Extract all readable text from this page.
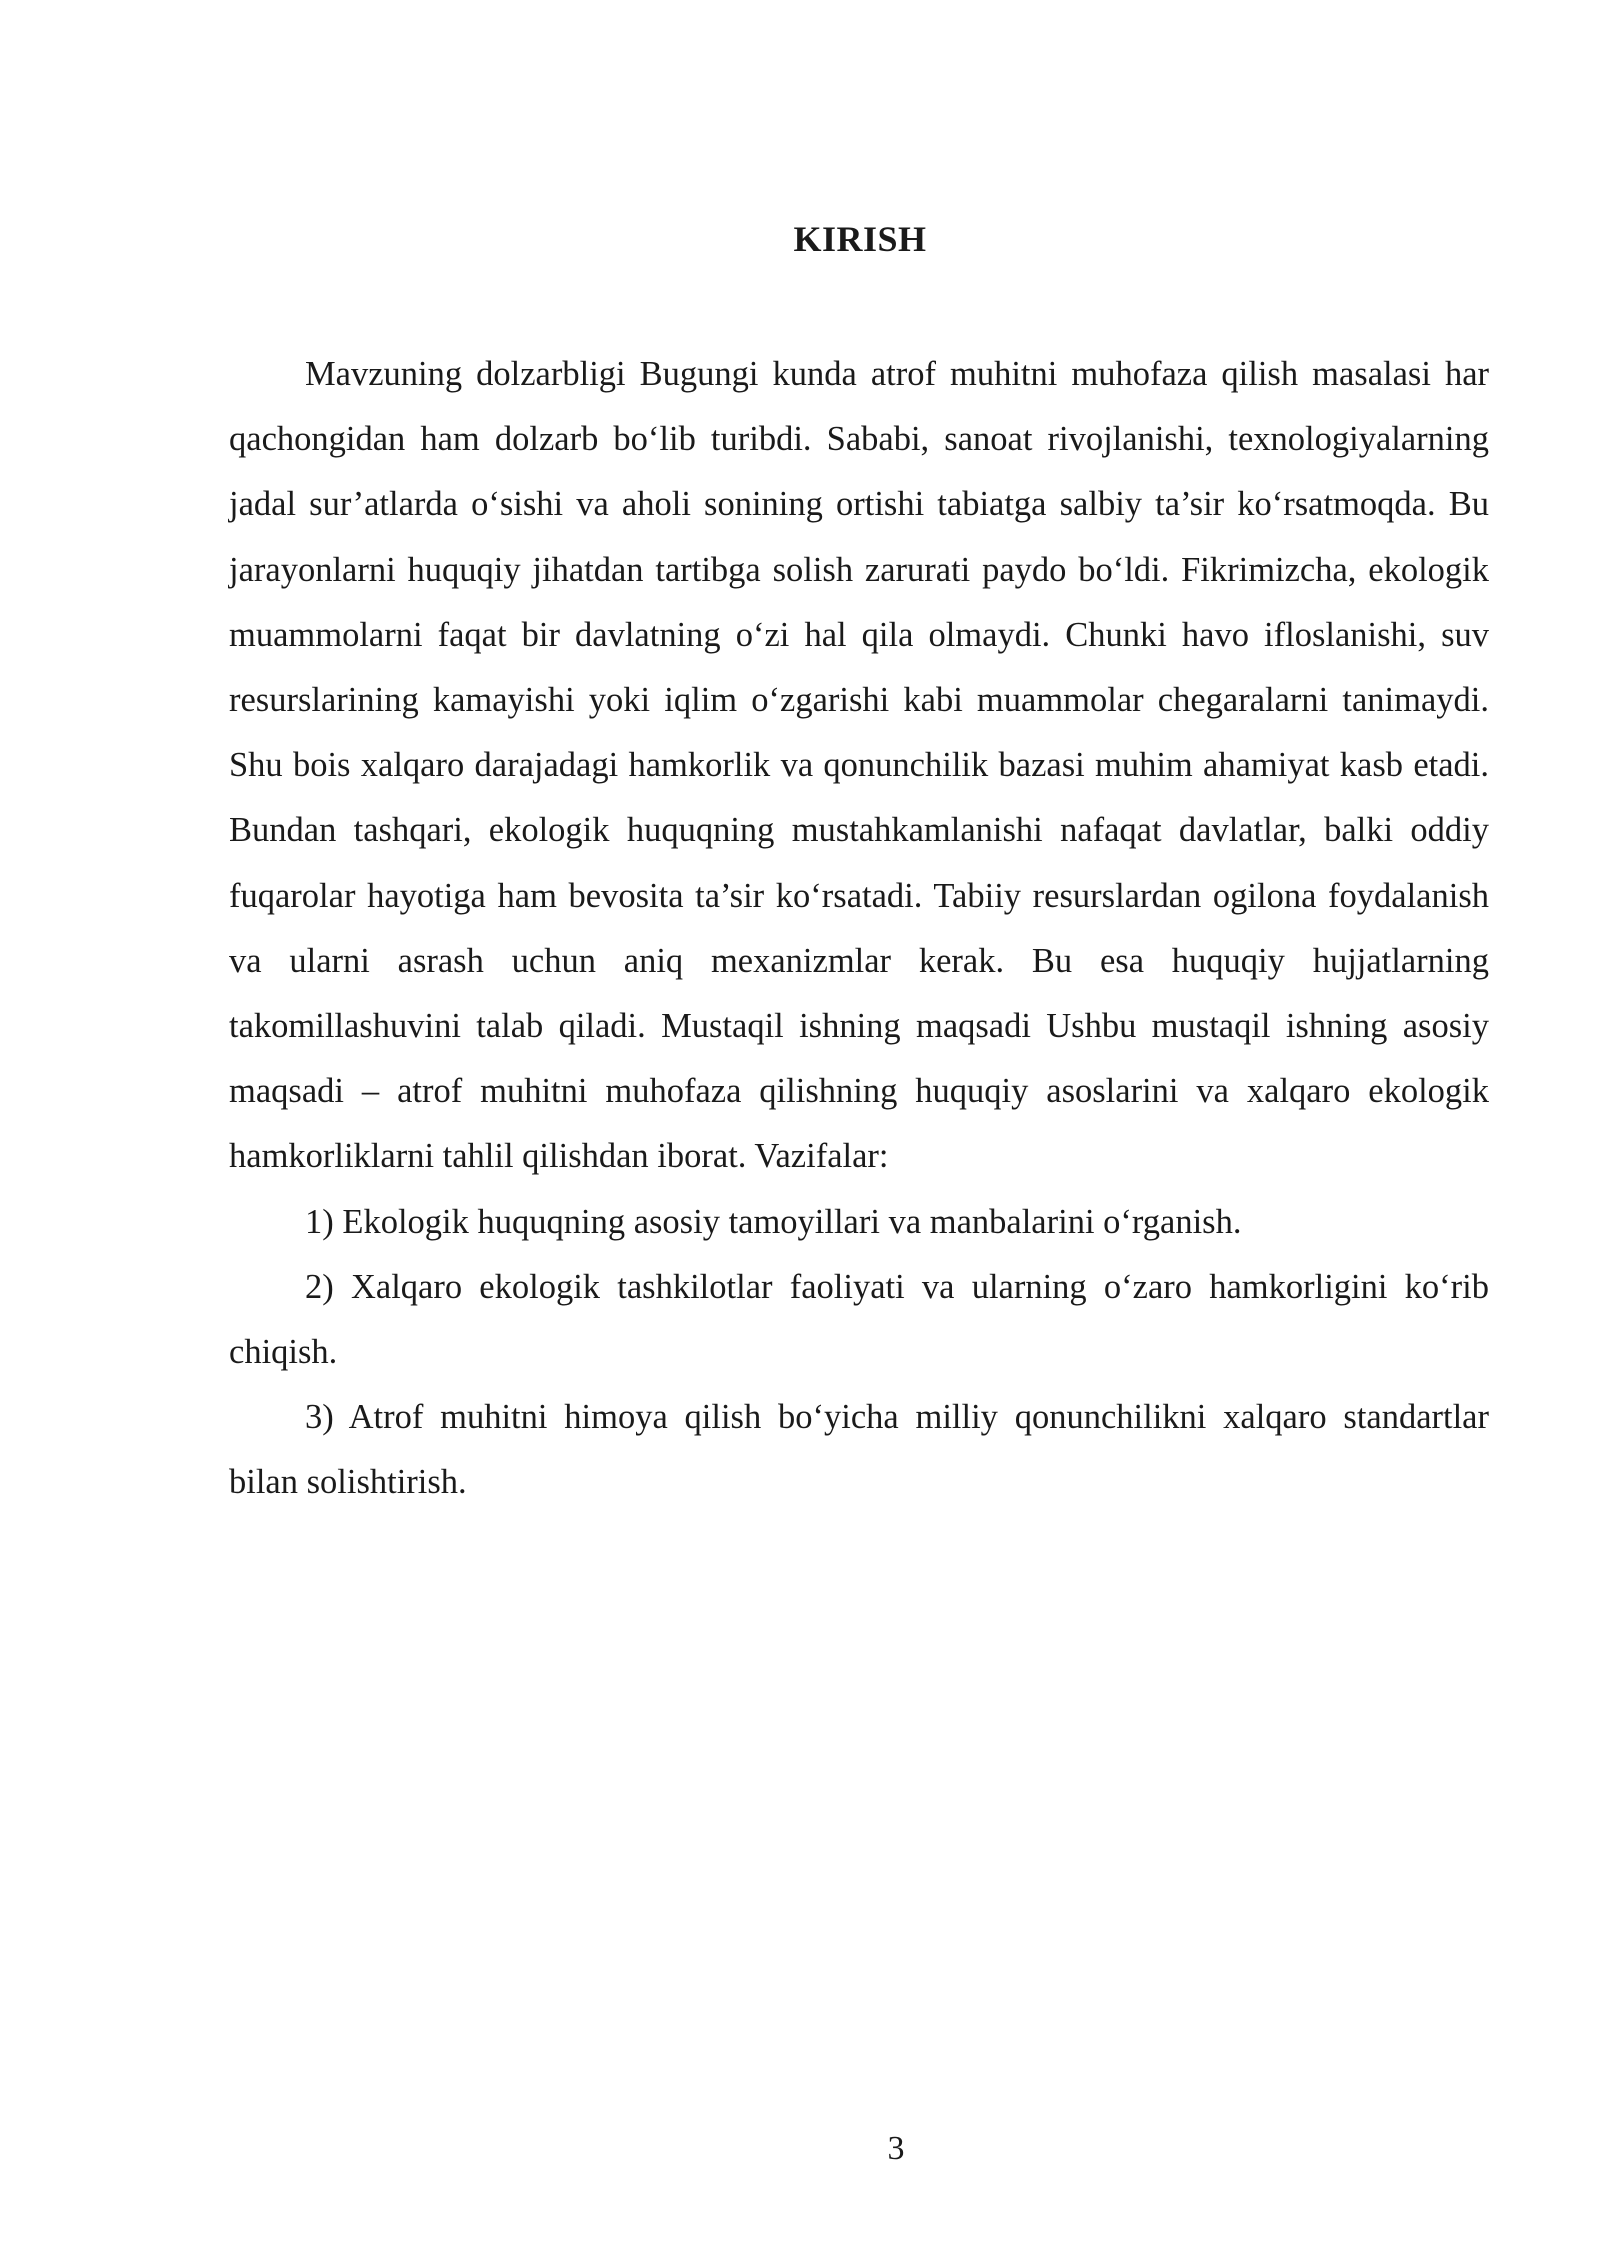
KIRISH

Mavzuning dolzarbligi Bugungi kunda atrof muhitni muhofaza qilish masalasi har qachongidan ham dolzarb bo‘lib turibdi. Sababi, sanoat rivojlanishi, texnologiyalarning jadal sur’atlarda o‘sishi va aholi sonining ortishi tabiatga salbiy ta’sir ko‘rsatmoqda. Bu jarayonlarni huquqiy jihatdan tartibga solish zarurati paydo bo‘ldi. Fikrimizcha, ekologik muammolarni faqat bir davlatning o‘zi hal qila olmaydi. Chunki havo ifloslanishi, suv resurslarining kamayishi yoki iqlim o‘zgarishi kabi muammolar chegaralarni tanimaydi. Shu bois xalqaro darajadagi hamkorlik va qonunchilik bazasi muhim ahamiyat kasb etadi. Bundan tashqari, ekologik huquqning mustahkamlanishi nafaqat davlatlar, balki oddiy fuqarolar hayotiga ham bevosita ta’sir ko‘rsatadi. Tabiiy resurslardan ogilona foydalanish va ularni asrash uchun aniq mexanizmlar kerak. Bu esa huquqiy hujjatlarning takomillashuvini talab qiladi. Mustaqil ishning maqsadi Ushbu mustaqil ishning asosiy maqsadi – atrof muhitni muhofaza qilishning huquqiy asoslarini va xalqaro ekologik hamkorliklarni tahlil qilishdan iborat. Vazifalar:

1) Ekologik huquqning asosiy tamoyillari va manbalarini o‘rganish.

2) Xalqaro ekologik tashkilotlar faoliyati va ularning o‘zaro hamkorligini ko‘rib chiqish.

3) Atrof muhitni himoya qilish bo‘yicha milliy qonunchilikni xalqaro standartlar bilan solishtirish.

3
